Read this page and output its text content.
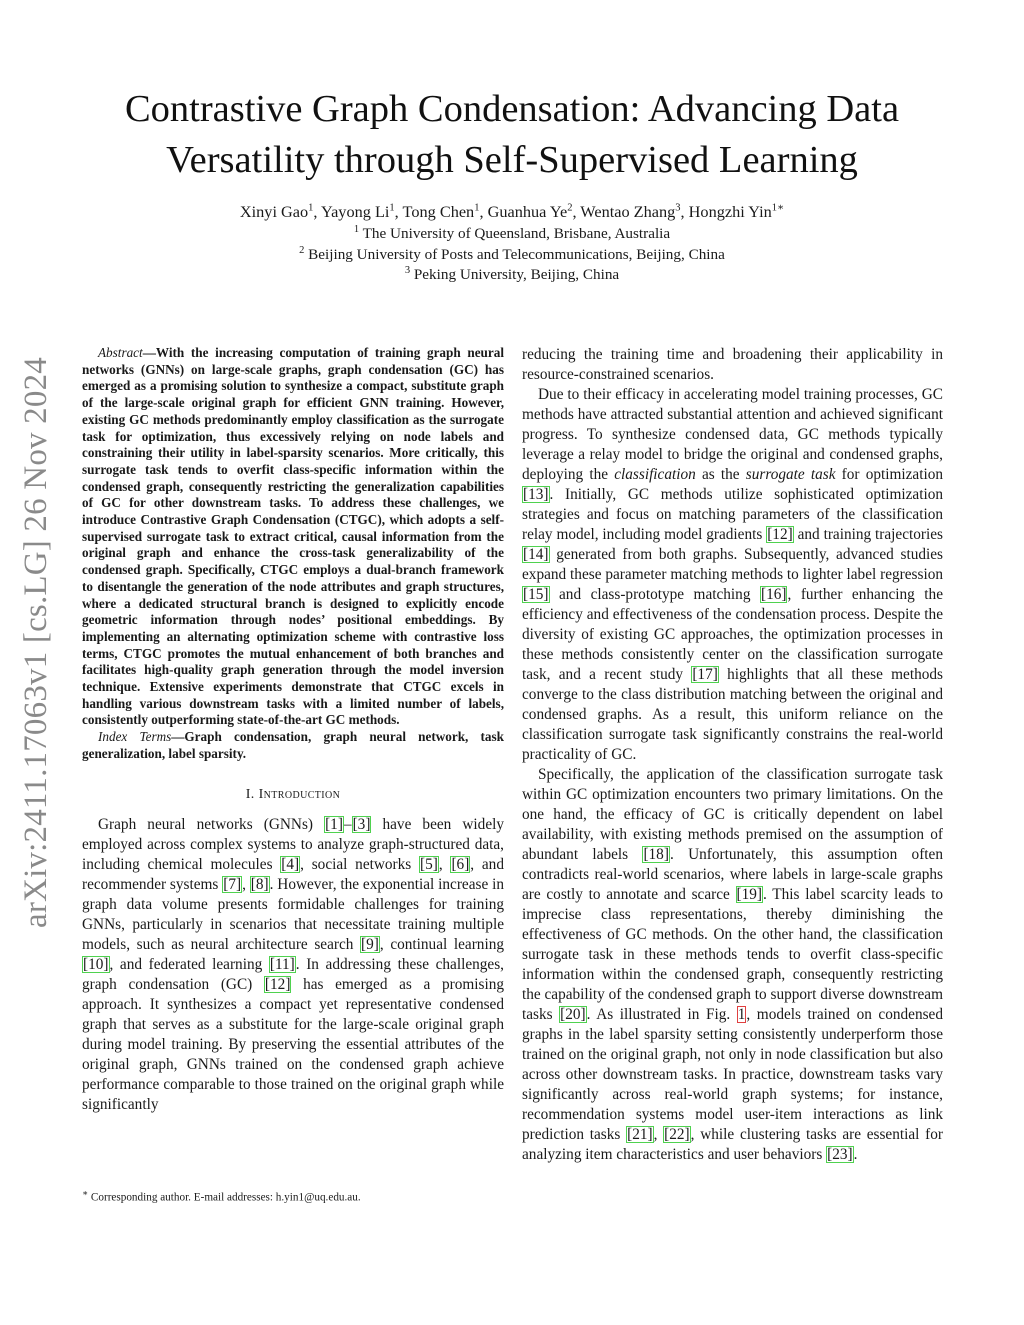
arXiv:2411.17063v1 [cs.LG] 26 Nov 2024
Contrastive Graph Condensation: Advancing Data Versatility through Self-Supervised Learning
Xinyi Gao$^1$, Yayong Li$^1$, Tong Chen$^1$, Guanhua Ye$^2$, Wentao Zhang$^3$, Hongzhi Yin$^{1∗}$
$^1$ The University of Queensland, Brisbane, Australia
$^2$ Beijing University of Posts and Telecommunications, Beijing, China
$^3$ Peking University, Beijing, China

Abstract—With the increasing computation of training graph neural networks (GNNs) on large-scale graphs, graph condensation (GC) has emerged as a promising solution to synthesize a compact, substitute graph of the large-scale original graph for efficient GNN training. However, existing GC methods predominantly employ classification as the surrogate task for optimization, thus excessively relying on node labels and constraining their utility in label-sparsity scenarios. More critically, this surrogate task tends to overfit class-specific information within the condensed graph, consequently restricting the generalization capabilities of GC for other downstream tasks. To address these challenges, we introduce Contrastive Graph Condensation (CTGC), which adopts a self-supervised surrogate task to extract critical, causal information from the original graph and enhance the cross-task generalizability of the condensed graph. Specifically, CTGC employs a dual-branch framework to disentangle the generation of the node attributes and graph structures, where a dedicated structural branch is designed to explicitly encode geometric information through nodes’ positional embeddings. By implementing an alternating optimization scheme with contrastive loss terms, CTGC promotes the mutual enhancement of both branches and facilitates high-quality graph generation through the model inversion technique. Extensive experiments demonstrate that CTGC excels in handling various downstream tasks with a limited number of labels, consistently outperforming state-of-the-art GC methods.

Index Terms—Graph condensation, graph neural network, task generalization, label sparsity.

I. Introduction

Graph neural networks (GNNs) [1]–[3] have been widely employed across complex systems to analyze graph-structured data, including chemical molecules [4], social networks [5], [6], and recommender systems [7], [8]. However, the exponential increase in graph data volume presents formidable challenges for training GNNs, particularly in scenarios that necessitate training multiple models, such as neural architecture search [9], continual learning [10], and federated learning [11]. In addressing these challenges, graph condensation (GC) [12] has emerged as a promising approach. It synthesizes a compact yet representative condensed graph that serves as a substitute for the large-scale original graph during model training. By preserving the essential attributes of the original graph, GNNs trained on the condensed graph achieve performance comparable to those trained on the original graph while significantly

reducing the training time and broadening their applicability in resource-constrained scenarios.

Due to their efficacy in accelerating model training processes, GC methods have attracted substantial attention and achieved significant progress. To synthesize condensed data, GC methods typically leverage a relay model to bridge the original and condensed graphs, deploying the classification as the surrogate task for optimization [13]. Initially, GC methods utilize sophisticated optimization strategies and focus on matching parameters of the classification relay model, including model gradients [12] and training trajectories [14] generated from both graphs. Subsequently, advanced studies expand these parameter matching methods to lighter label regression [15] and class-prototype matching [16], further enhancing the efficiency and effectiveness of the condensation process. Despite the diversity of existing GC approaches, the optimization processes in these methods consistently center on the classification surrogate task, and a recent study [17] highlights that all these methods converge to the class distribution matching between the original and condensed graphs. As a result, this uniform reliance on the classification surrogate task significantly constrains the real-world practicality of GC.

Specifically, the application of the classification surrogate task within GC optimization encounters two primary limitations. On the one hand, the efficacy of GC is critically dependent on label availability, with existing methods premised on the assumption of abundant labels [18]. Unfortunately, this assumption often contradicts real-world scenarios, where labels in large-scale graphs are costly to annotate and scarce [19]. This label scarcity leads to imprecise class representations, thereby diminishing the effectiveness of GC methods. On the other hand, the classification surrogate task in these methods tends to overfit class-specific information within the condensed graph, consequently restricting the capability of the condensed graph to support diverse downstream tasks [20]. As illustrated in Fig. 1, models trained on condensed graphs in the label sparsity setting consistently underperform those trained on the original graph, not only in node classification but also across other downstream tasks. In practice, downstream tasks vary significantly across real-world graph systems; for instance, recommendation systems model user-item interactions as link prediction tasks [21], [22], while clustering tasks are essential for analyzing item characteristics and user behaviors [23].

∗ Corresponding author. E-mail addresses: h.yin1@uq.edu.au.
